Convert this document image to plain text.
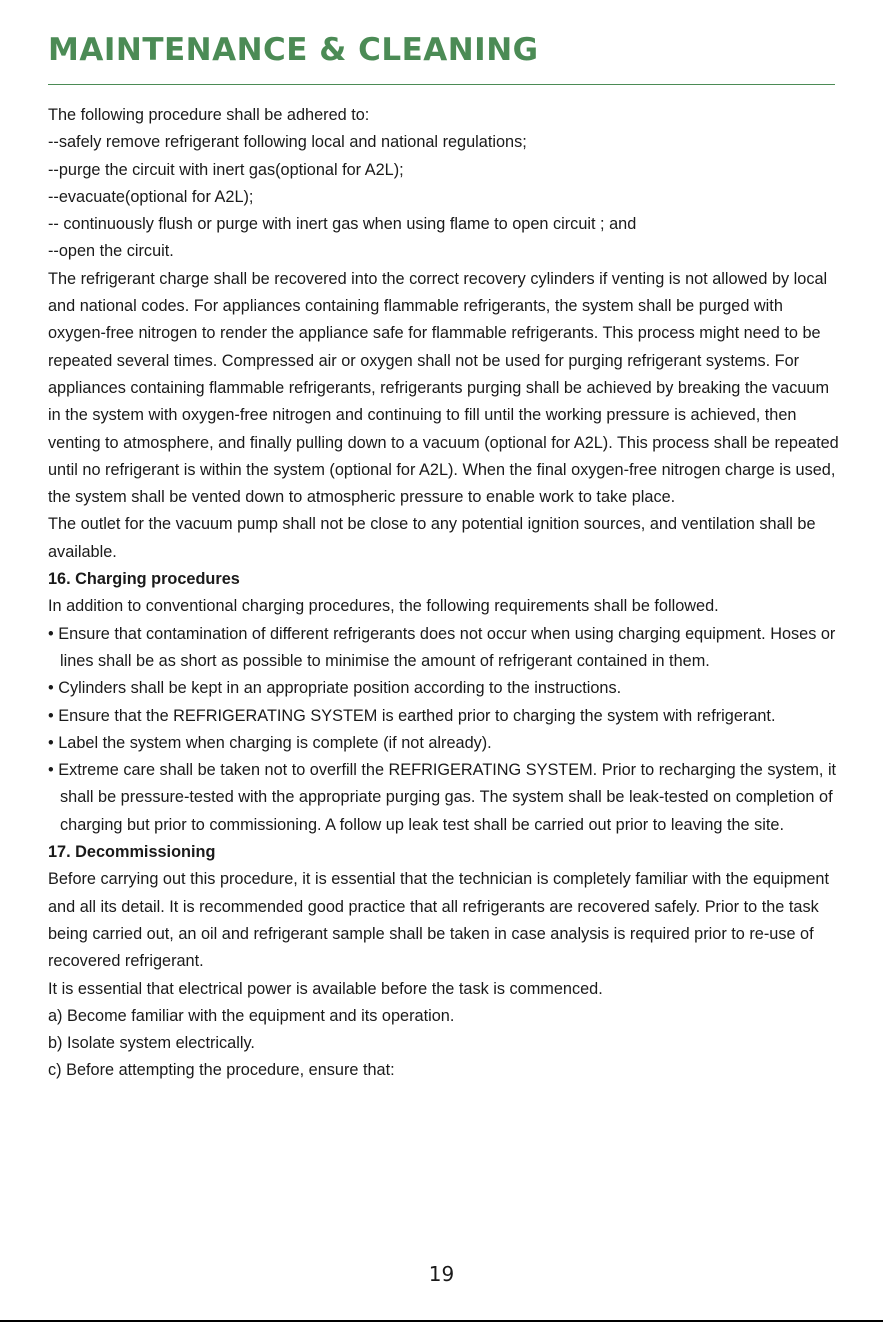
MAINTENANCE & CLEANING

The following procedure shall be adhered to:

--safely remove refrigerant following local and national regulations;

--purge the circuit with inert gas(optional for A2L);

--evacuate(optional for A2L);

-- continuously flush or purge with inert gas when using flame to open circuit ; and

--open the circuit.

The refrigerant charge shall be recovered into the correct recovery cylinders if venting is not allowed by local and national codes. For appliances containing flammable refrigerants, the system shall be purged with oxygen-free nitrogen to render the appliance safe for flammable refrigerants. This process might need to be repeated several times. Compressed air or oxygen shall not be used for purging refrigerant systems. For appliances containing flammable refrigerants, refrigerants purging shall be achieved by breaking the vacuum in the system with oxygen-free nitrogen and continuing to fill until the working pressure is achieved, then venting to atmosphere, and finally pulling down to a vacuum (optional for A2L). This process shall be repeated until no refrigerant is within the system (optional for A2L). When the final oxygen-free nitrogen charge is used, the system shall be vented down to atmospheric pressure to enable work to take place.

The outlet for the vacuum pump shall not be close to any potential ignition sources, and ventilation shall be available.

16. Charging procedures

In addition to conventional charging procedures, the following requirements shall be followed.

• Ensure that contamination of different refrigerants does not occur when using charging equipment. Hoses or lines shall be as short as possible to minimise the amount of refrigerant contained in them.

• Cylinders shall be kept in an appropriate position according to the instructions.

• Ensure that the REFRIGERATING SYSTEM is earthed prior to charging the system with refrigerant.

• Label the system when charging is complete (if not already).

• Extreme care shall be taken not to overfill the REFRIGERATING SYSTEM. Prior to recharging the system, it shall be pressure-tested with the appropriate purging gas. The system shall be leak-tested on completion of charging but prior to commissioning. A follow up leak test shall be carried out prior to leaving the site.

17. Decommissioning

Before carrying out this procedure, it is essential that the technician is completely familiar with the equipment and all its detail. It is recommended good practice that all refrigerants are recovered safely. Prior to the task being carried out, an oil and refrigerant sample shall be taken in case analysis is required prior to re-use of recovered refrigerant.

It is essential that electrical power is available before the task is commenced.

a) Become familiar with the equipment and its operation.

b) Isolate system electrically.

c) Before attempting the procedure, ensure that:

19
